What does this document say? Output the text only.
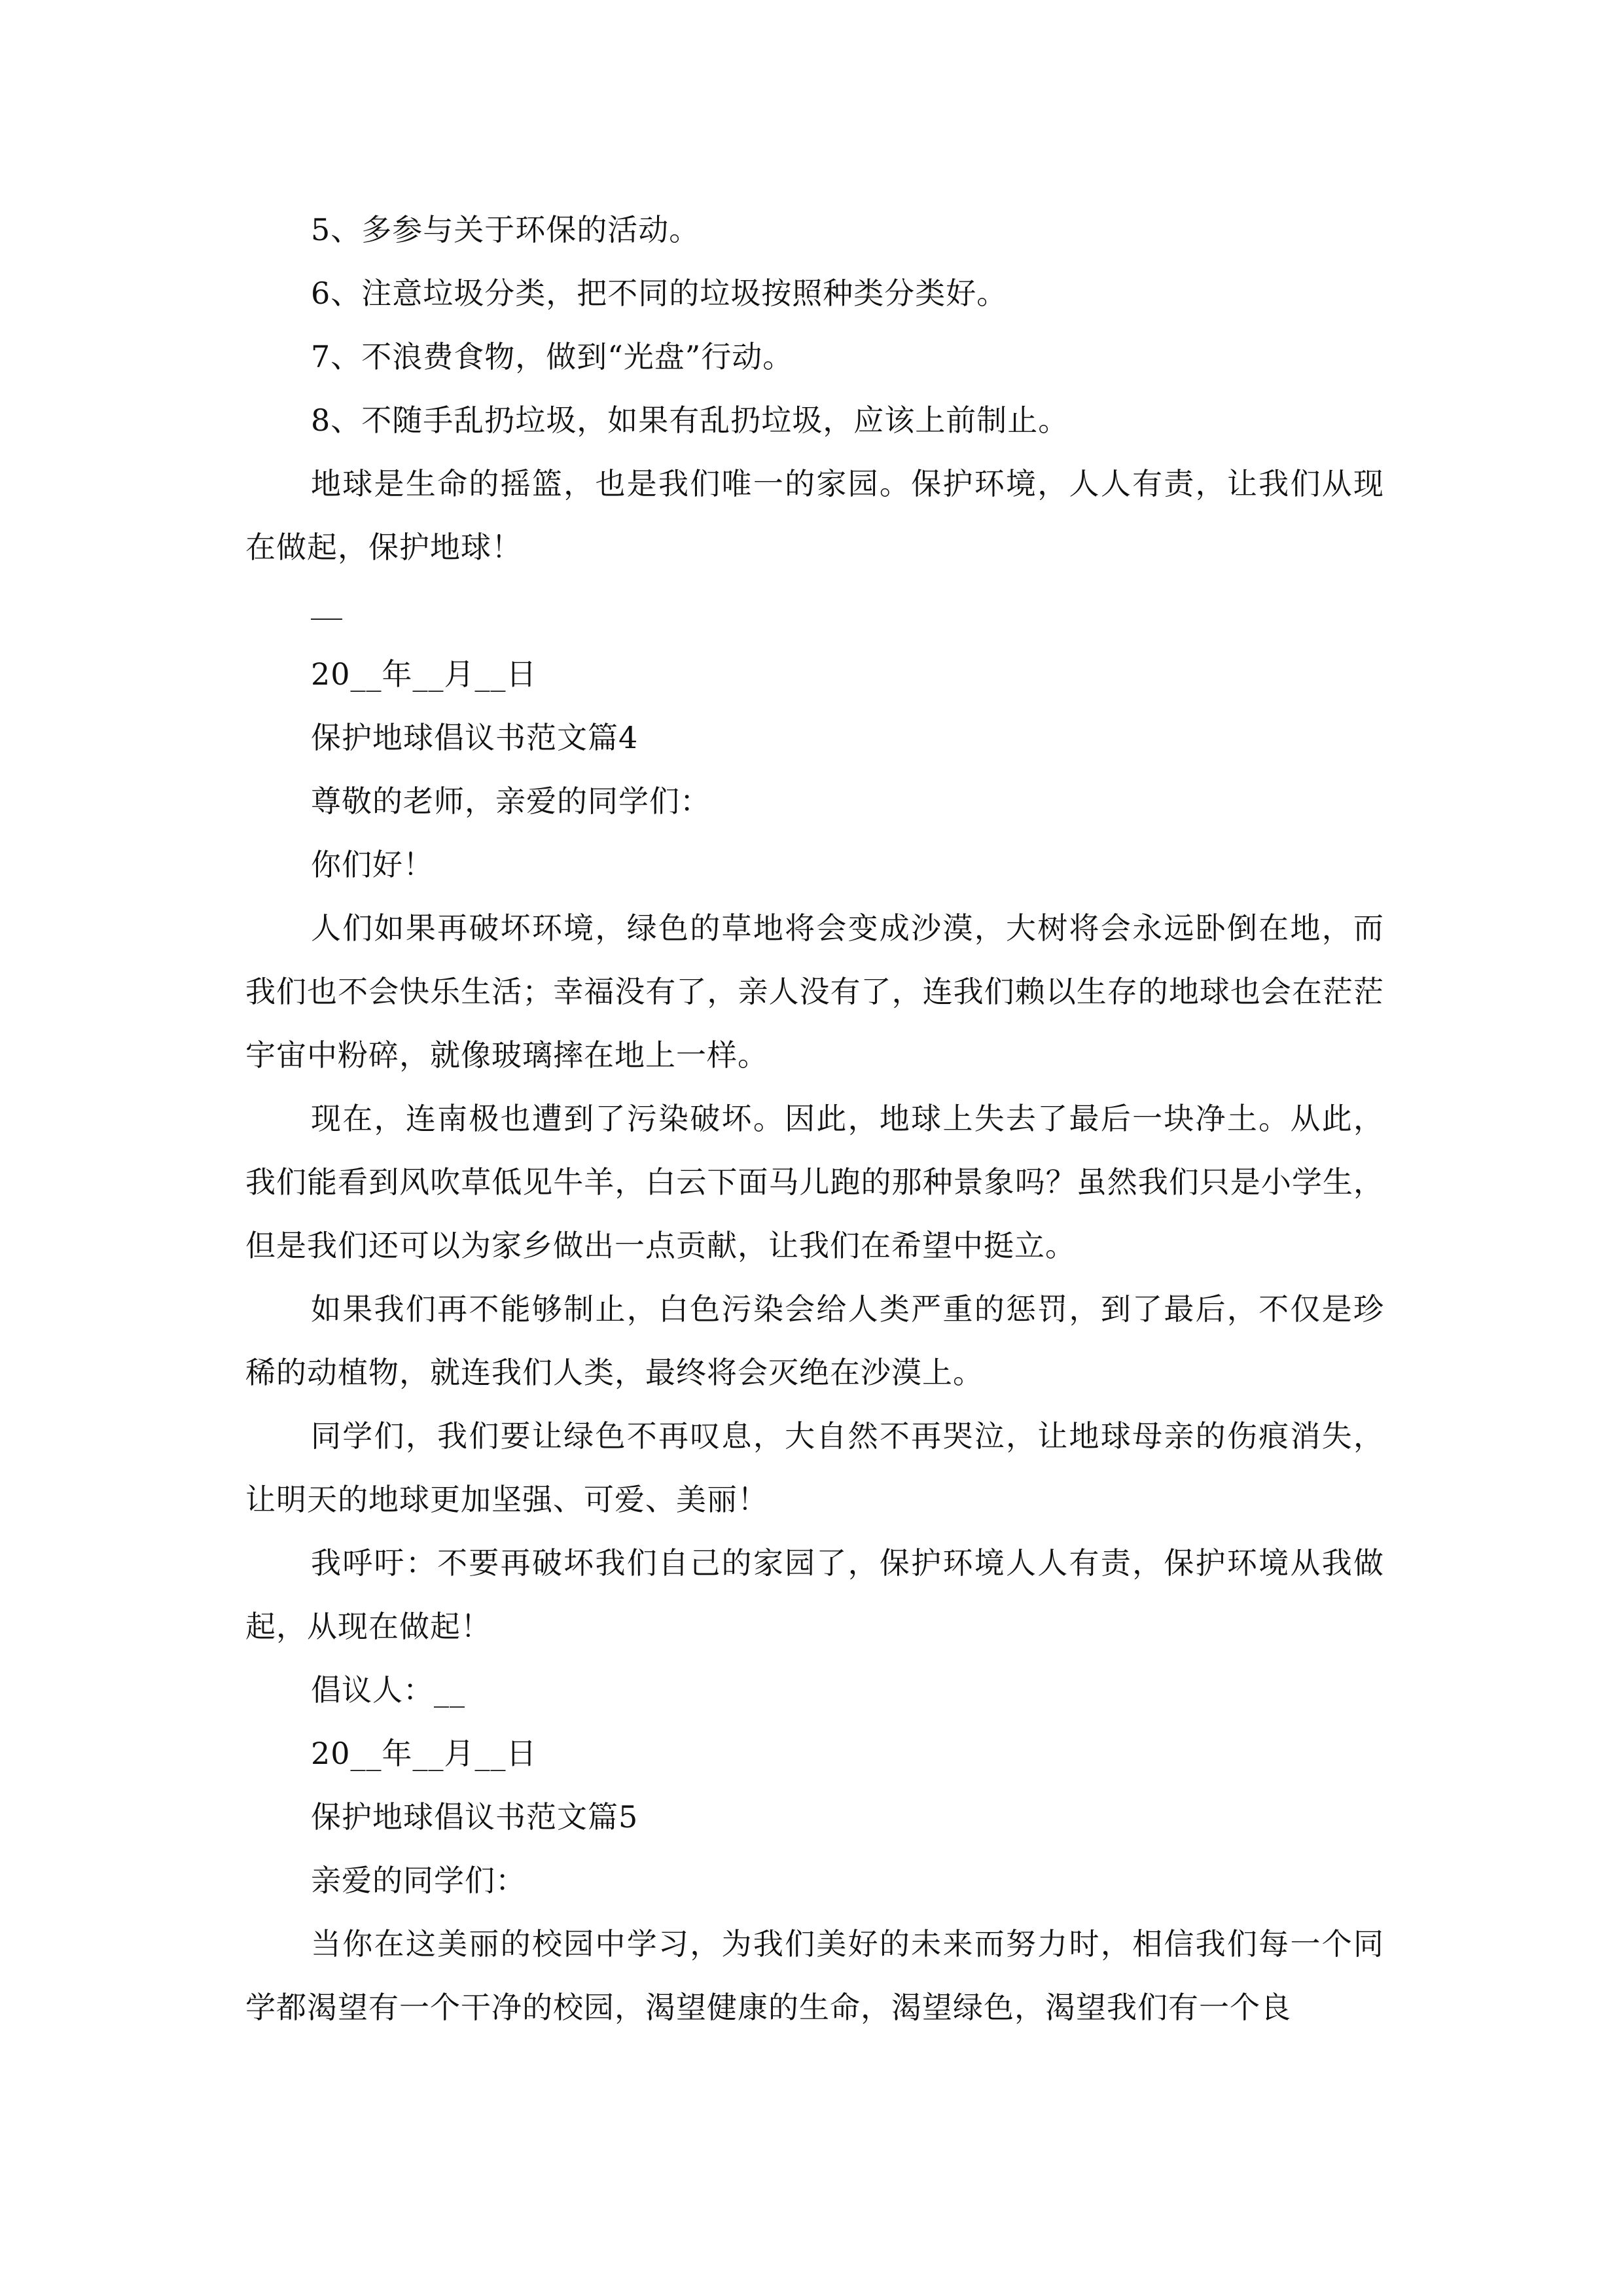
5、多参与关于环保的活动。
6、注意垃圾分类，把不同的垃圾按照种类分类好。
7、不浪费食物，做到“光盘”行动。
8、不随手乱扔垃圾，如果有乱扔垃圾，应该上前制止。
地球是生命的摇篮，也是我们唯一的家园。保护环境，人人有责，让我们从现在做起，保护地球！
20__年__月__日
保护地球倡议书范文篇4
尊敬的老师，亲爱的同学们：
你们好！
人们如果再破坏环境，绿色的草地将会变成沙漠，大树将会永远卧倒在地，而我们也不会快乐生活；幸福没有了，亲人没有了，连我们赖以生存的地球也会在茫茫宇宙中粉碎，就像玻璃摔在地上一样。
现在，连南极也遭到了污染破坏。因此，地球上失去了最后一块净土。从此，我们能看到风吹草低见牛羊，白云下面马儿跑的那种景象吗？虽然我们只是小学生，但是我们还可以为家乡做出一点贡献，让我们在希望中挺立。
如果我们再不能够制止，白色污染会给人类严重的惩罚，到了最后，不仅是珍稀的动植物，就连我们人类，最终将会灭绝在沙漠上。
同学们，我们要让绿色不再叹息，大自然不再哭泣，让地球母亲的伤痕消失，让明天的地球更加坚强、可爱、美丽！
我呼吁：不要再破坏我们自己的家园了，保护环境人人有责，保护环境从我做起，从现在做起！
倡议人：__
20__年__月__日
保护地球倡议书范文篇5
亲爱的同学们：
当你在这美丽的校园中学习，为我们美好的未来而努力时，相信我们每一个同学都渴望有一个干净的校园，渴望健康的生命，渴望绿色，渴望我们有一个良
